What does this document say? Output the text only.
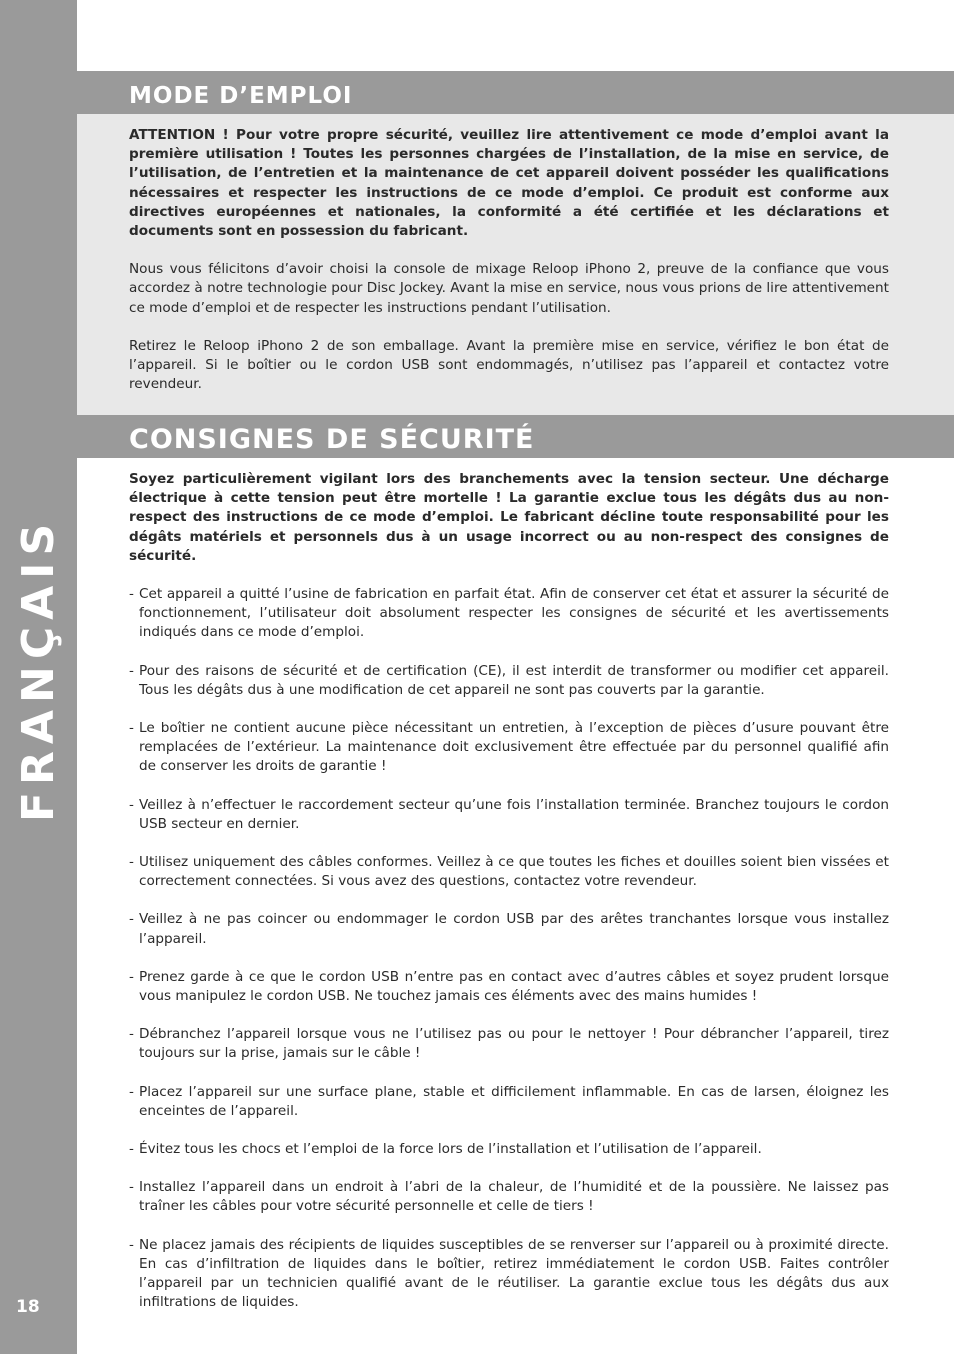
FRANÇAIS
18
MODE D’EMPLOI

ATTENTION ! Pour votre propre sécurité, veuillez lire attentivement ce mode d’emploi avant la première utilisation ! Toutes les personnes chargées de l’installation, de la mise en service, de l’utilisation, de l’entretien et la maintenance de cet appareil doivent posséder les qualifications nécessaires et respecter les instructions de ce mode d’emploi. Ce produit est conforme aux directives européennes et nationales, la conformité a été certifiée et les déclarations et documents sont en possession du fabricant.

Nous vous félicitons d’avoir choisi la console de mixage Reloop iPhono 2, preuve de la confiance que vous accordez à notre technologie pour Disc Jockey. Avant la mise en service, nous vous prions de lire attentivement ce mode d’emploi et de respecter les instructions pendant l’utilisation.

Retirez le Reloop iPhono 2 de son emballage. Avant la première mise en service, vérifiez le bon état de l’appareil. Si le boîtier ou le cordon USB sont endommagés, n’utilisez pas l’appareil et contactez votre revendeur.

CONSIGNES DE SÉCURITÉ

Soyez particulièrement vigilant lors des branchements avec la tension secteur. Une décharge électrique à cette tension peut être mortelle ! La garantie exclue tous les dégâts dus au non-respect des instructions de ce mode d’emploi. Le fabricant décline toute responsabilité pour les dégâts matériels et personnels dus à un usage incorrect ou au non-respect des consignes de sécurité.

- Cet appareil a quitté l’usine de fabrication en parfait état. Afin de conserver cet état et assurer la sécurité de fonctionnement, l’utilisateur doit absolument respecter les consignes de sécurité et les avertissements indiqués dans ce mode d’emploi.
- Pour des raisons de sécurité et de certification (CE), il est interdit de transformer ou modifier cet appareil. Tous les dégâts dus à une modification de cet appareil ne sont pas couverts par la garantie.
- Le boîtier ne contient aucune pièce nécessitant un entretien, à l’exception de pièces d’usure pouvant être remplacées de l’extérieur. La maintenance doit exclusivement être effectuée par du personnel qualifié afin de conserver les droits de garantie !
- Veillez à n’effectuer le raccordement secteur qu’une fois l’installation terminée. Branchez toujours le cordon USB secteur en dernier.
- Utilisez uniquement des câbles conformes. Veillez à ce que toutes les fiches et douilles soient bien vissées et correctement connectées. Si vous avez des questions, contactez votre revendeur.
- Veillez à ne pas coincer ou endommager le cordon USB par des arêtes tranchantes lorsque vous installez l’appareil.
- Prenez garde à ce que le cordon USB n’entre pas en contact avec d’autres câbles et soyez prudent lorsque vous manipulez le cordon USB. Ne touchez jamais ces éléments avec des mains humides !
- Débranchez l’appareil lorsque vous ne l’utilisez pas ou pour le nettoyer ! Pour débrancher l’appareil, tirez toujours sur la prise, jamais sur le câble !
- Placez l’appareil sur une surface plane, stable et difficilement inflammable. En cas de larsen, éloignez les enceintes de l’appareil.
- Évitez tous les chocs et l’emploi de la force lors de l’installation et l’utilisation de l’appareil.
- Installez l’appareil dans un endroit à l’abri de la chaleur, de l’humidité et de la poussière. Ne laissez pas traîner les câbles pour votre sécurité personnelle et celle de tiers !
- Ne placez jamais des récipients de liquides susceptibles de se renverser sur l’appareil ou à proximité directe. En cas d’infiltration de liquides dans le boîtier, retirez immédiatement le cordon USB. Faites contrôler l’appareil par un technicien qualifié avant de le réutiliser. La garantie exclue tous les dégâts dus aux infiltrations de liquides.
